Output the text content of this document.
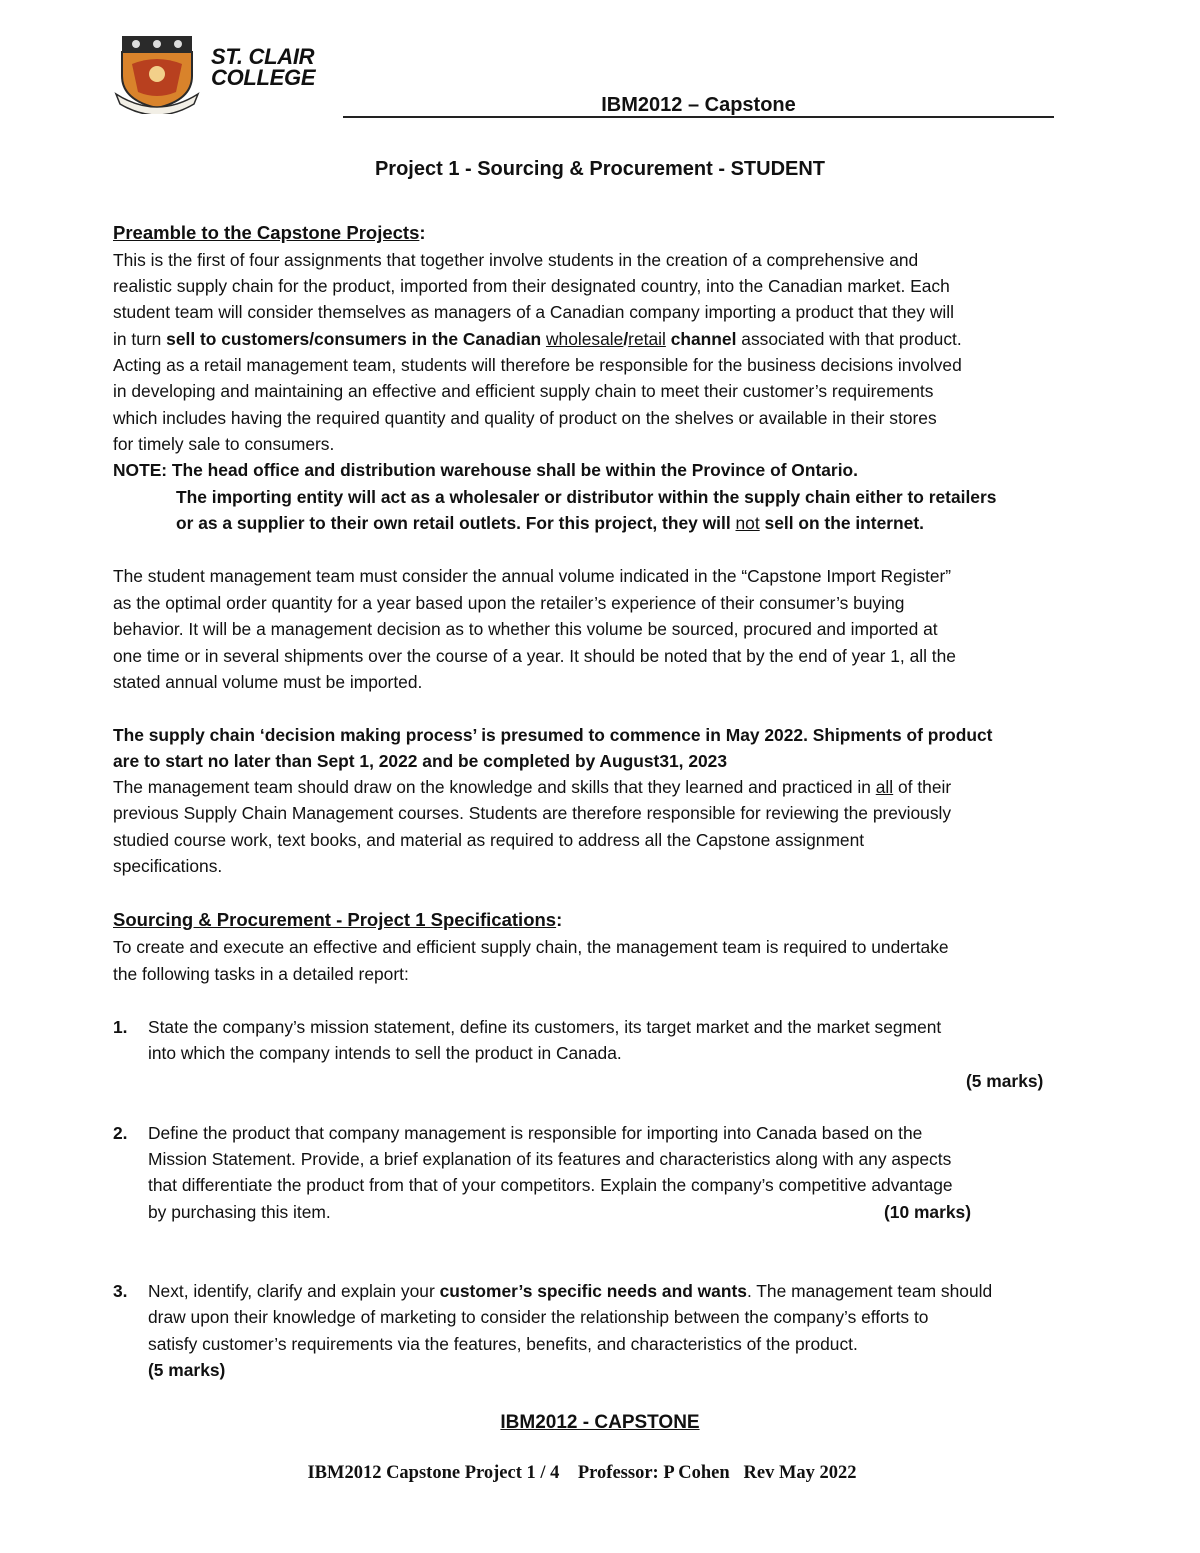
ST. CLAIR
COLLEGE
IBM2012 – Capstone
Project 1 - Sourcing & Procurement - STUDENT
Preamble to the Capstone Projects:
This is the first of four assignments that together involve students in the creation of a comprehensive and
realistic supply chain for the product, imported from their designated country, into the Canadian market. Each
student team will consider themselves as managers of a Canadian company importing a product that they will
in turn sell to customers/consumers in the Canadian wholesale/retail channel associated with that product.
Acting as a retail management team, students will therefore be responsible for the business decisions involved
in developing and maintaining an effective and efficient supply chain to meet their customer’s requirements
which includes having the required quantity and quality of product on the shelves or available in their stores
for timely sale to consumers.
NOTE: The head office and distribution warehouse shall be within the Province of Ontario.
The importing entity will act as a wholesaler or distributor within the supply chain either to retailers
or as a supplier to their own retail outlets. For this project, they will not sell on the internet.
The student management team must consider the annual volume indicated in the “Capstone Import Register”
as the optimal order quantity for a year based upon the retailer’s experience of their consumer’s buying
behavior. It will be a management decision as to whether this volume be sourced, procured and imported at
one time or in several shipments over the course of a year. It should be noted that by the end of year 1, all the
stated annual volume must be imported.
The supply chain ‘decision making process’ is presumed to commence in May 2022. Shipments of product
are to start no later than Sept 1, 2022 and be completed by August31, 2023
The management team should draw on the knowledge and skills that they learned and practiced in all of their
previous Supply Chain Management courses. Students are therefore responsible for reviewing the previously
studied course work, text books, and material as required to address all the Capstone assignment
specifications.
Sourcing & Procurement - Project 1 Specifications:
To create and execute an effective and efficient supply chain, the management team is required to undertake
the following tasks in a detailed report:
1. State the company’s mission statement, define its customers, its target market and the market segment
into which the company intends to sell the product in Canada.
(5 marks)
2. Define the product that company management is responsible for importing into Canada based on the
Mission Statement. Provide, a brief explanation of its features and characteristics along with any aspects
that differentiate the product from that of your competitors. Explain the company’s competitive advantage
by purchasing this item.	(10 marks)
3. Next, identify, clarify and explain your customer’s specific needs and wants. The management team should
draw upon their knowledge of marketing to consider the relationship between the company’s efforts to
satisfy customer’s requirements via the features, benefits, and characteristics of the product.
(5 marks)
IBM2012 - CAPSTONE
IBM2012 Capstone Project 1 / 4    Professor: P Cohen   Rev May 2022
